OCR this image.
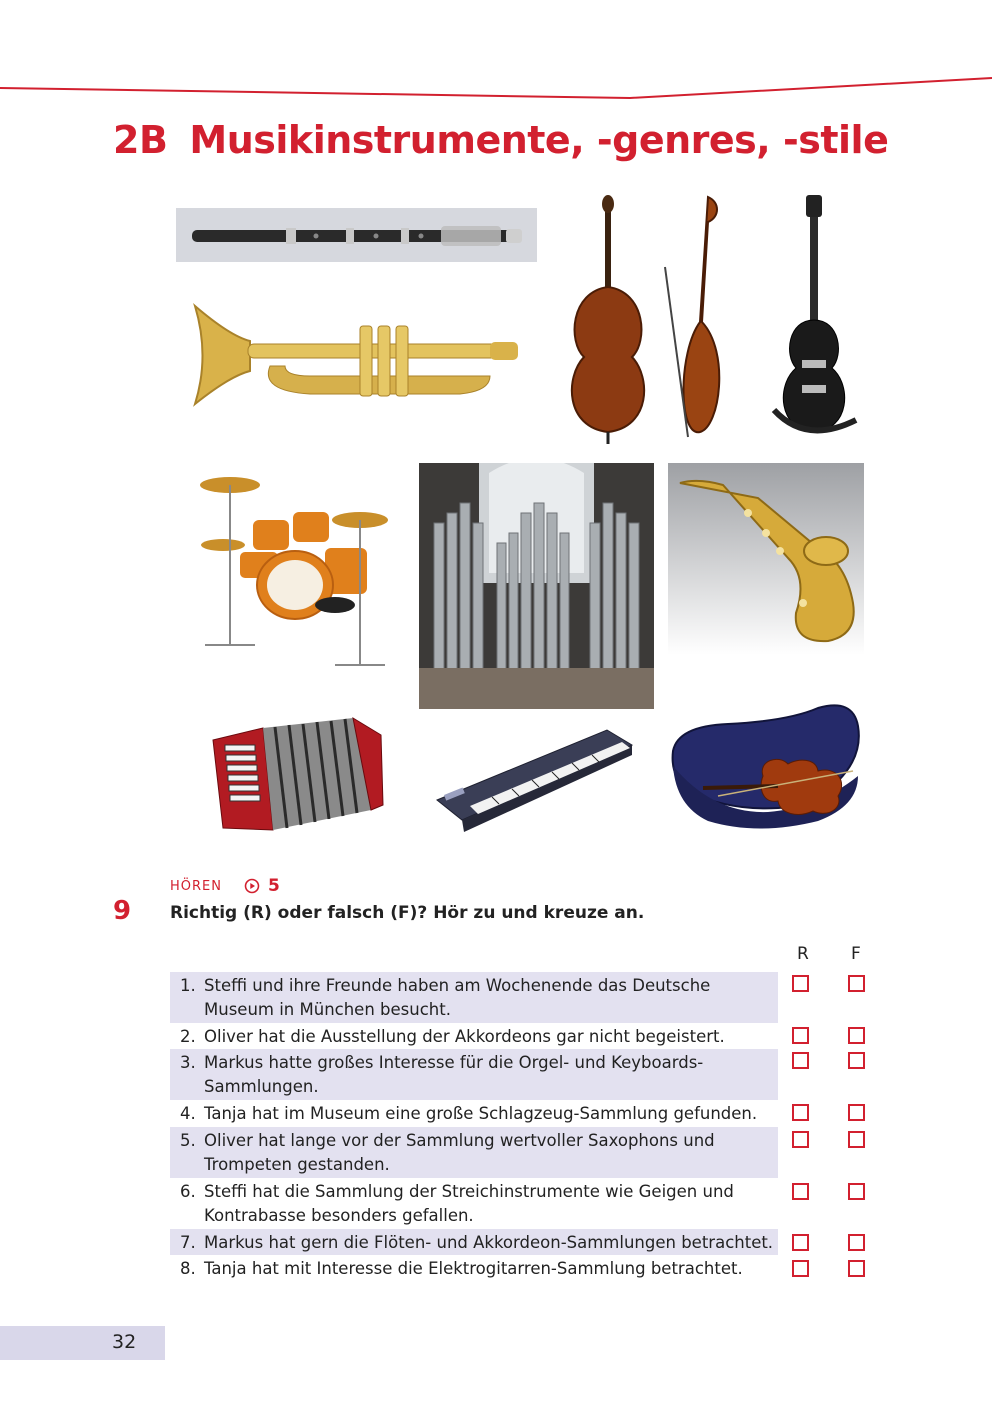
2B Musikinstrumente, -genres, -stile
9
HÖREN	5
Richtig (R) oder falsch (F)? Hör zu und kreuze an.
R F
1. Steffi und ihre Freunde haben am Wochenende das Deutsche Museum in München besucht.
2. Oliver hat die Ausstellung der Akkordeons gar nicht begeistert.
3. Markus hatte großes Interesse für die Orgel- und Keyboards-Sammlungen.
4. Tanja hat im Museum eine große Schlagzeug-Sammlung gefunden.
5. Oliver hat lange vor der Sammlung wertvoller Saxophons und Trompeten gestanden.
6. Steffi hat die Sammlung der Streichinstrumente wie Geigen und Kontrabasse besonders gefallen.
7. Markus hat gern die Flöten- und Akkordeon-Sammlungen betrachtet.
8. Tanja hat mit Interesse die Elektrogitarren-Sammlung betrachtet.
32
